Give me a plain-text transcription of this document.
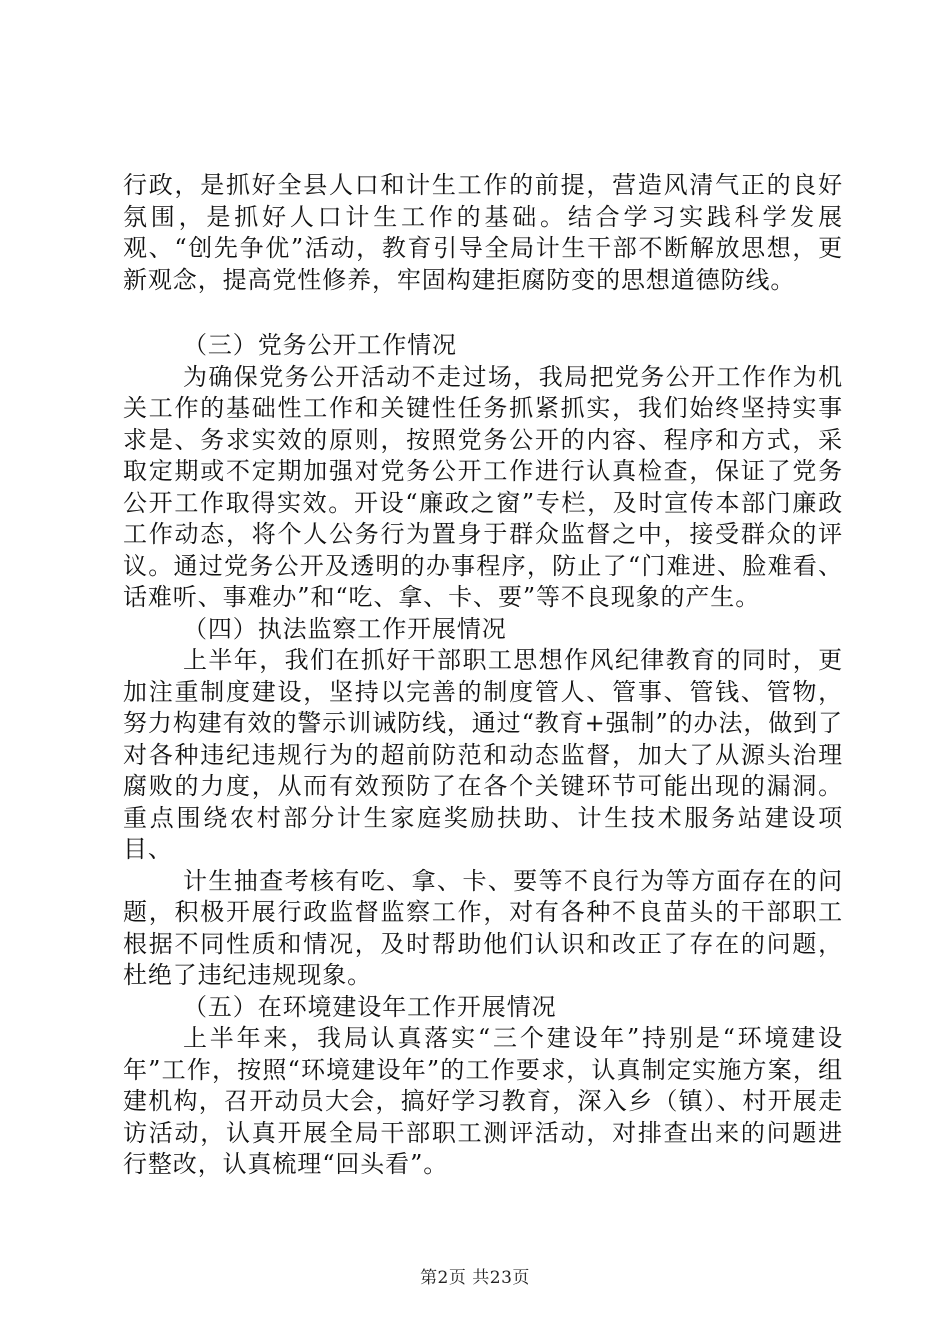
行政，是抓好全县人口和计生工作的前提，营造风清气正的良好氛围，是抓好人口计生工作的基础。结合学习实践科学发展观、“创先争优”活动，教育引导全局计生干部不断解放思想，更新观念，提高党性修养，牢固构建拒腐防变的思想道德防线。

（三）党务公开工作情况

为确保党务公开活动不走过场，我局把党务公开工作作为机关工作的基础性工作和关键性任务抓紧抓实，我们始终坚持实事求是、务求实效的原则，按照党务公开的内容、程序和方式，采取定期或不定期加强对党务公开工作进行认真检查，保证了党务公开工作取得实效。开设“廉政之窗”专栏，及时宣传本部门廉政工作动态，将个人公务行为置身于群众监督之中，接受群众的评议。通过党务公开及透明的办事程序，防止了“门难进、脸难看、话难听、事难办”和“吃、拿、卡、要”等不良现象的产生。

（四）执法监察工作开展情况

上半年，我们在抓好干部职工思想作风纪律教育的同时，更加注重制度建设，坚持以完善的制度管人、管事、管钱、管物，努力构建有效的警示训诫防线，通过“教育+强制”的办法，做到了对各种违纪违规行为的超前防范和动态监督，加大了从源头治理腐败的力度，从而有效预防了在各个关键环节可能出现的漏洞。重点围绕农村部分计生家庭奖励扶助、计生技术服务站建设项目、

计生抽查考核有吃、拿、卡、要等不良行为等方面存在的问题，积极开展行政监督监察工作，对有各种不良苗头的干部职工根据不同性质和情况，及时帮助他们认识和改正了存在的问题，杜绝了违纪违规现象。

（五）在环境建设年工作开展情况

上半年来，我局认真落实“三个建设年”持别是“环境建设年”工作，按照“环境建设年”的工作要求，认真制定实施方案，组建机构，召开动员大会，搞好学习教育，深入乡（镇）、村开展走访活动，认真开展全局干部职工测评活动，对排查出来的问题进行整改，认真梳理“回头看”。

第2页 共23页
